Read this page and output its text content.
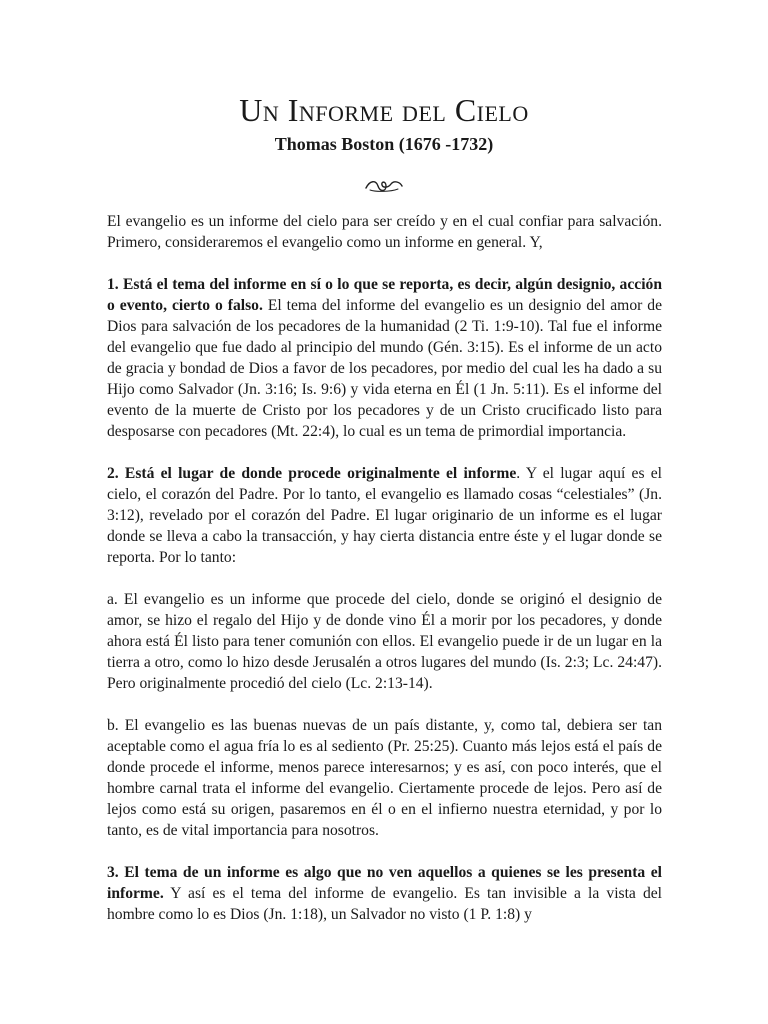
Un Informe del Cielo
Thomas Boston (1676 -1732)

El evangelio es un informe del cielo para ser creído y en el cual confiar para salvación. Primero, consideraremos el evangelio como un informe en general. Y,

1. Está el tema del informe en sí o lo que se reporta, es decir, algún designio, acción o evento, cierto o falso. El tema del informe del evangelio es un designio del amor de Dios para salvación de los pecadores de la humanidad (2 Ti. 1:9-10). Tal fue el informe del evangelio que fue dado al principio del mundo (Gén. 3:15). Es el informe de un acto de gracia y bondad de Dios a favor de los pecadores, por medio del cual les ha dado a su Hijo como Salvador (Jn. 3:16; Is. 9:6) y vida eterna en Él (1 Jn. 5:11). Es el informe del evento de la muerte de Cristo por los pecadores y de un Cristo crucificado listo para desposarse con pecadores (Mt. 22:4), lo cual es un tema de primordial importancia.

2. Está el lugar de donde procede originalmente el informe. Y el lugar aquí es el cielo, el corazón del Padre. Por lo tanto, el evangelio es llamado cosas “celestiales” (Jn. 3:12), revelado por el corazón del Padre. El lugar originario de un informe es el lugar donde se lleva a cabo la transacción, y hay cierta distancia entre éste y el lugar donde se reporta. Por lo tanto:

a. El evangelio es un informe que procede del cielo, donde se originó el designio de amor, se hizo el regalo del Hijo y de donde vino Él a morir por los pecadores, y donde ahora está Él listo para tener comunión con ellos. El evangelio puede ir de un lugar en la tierra a otro, como lo hizo desde Jerusalén a otros lugares del mundo (Is. 2:3; Lc. 24:47). Pero originalmente procedió del cielo (Lc. 2:13-14).

b. El evangelio es las buenas nuevas de un país distante, y, como tal, debiera ser tan aceptable como el agua fría lo es al sediento (Pr. 25:25). Cuanto más lejos está el país de donde procede el informe, menos parece interesarnos; y es así, con poco interés, que el hombre carnal trata el informe del evangelio. Ciertamente procede de lejos. Pero así de lejos como está su origen, pasaremos en él o en el infierno nuestra eternidad, y por lo tanto, es de vital importancia para nosotros.

3. El tema de un informe es algo que no ven aquellos a quienes se les presenta el informe. Y así es el tema del informe de evangelio. Es tan invisible a la vista del hombre como lo es Dios (Jn. 1:18), un Salvador no visto (1 P. 1:8) y
